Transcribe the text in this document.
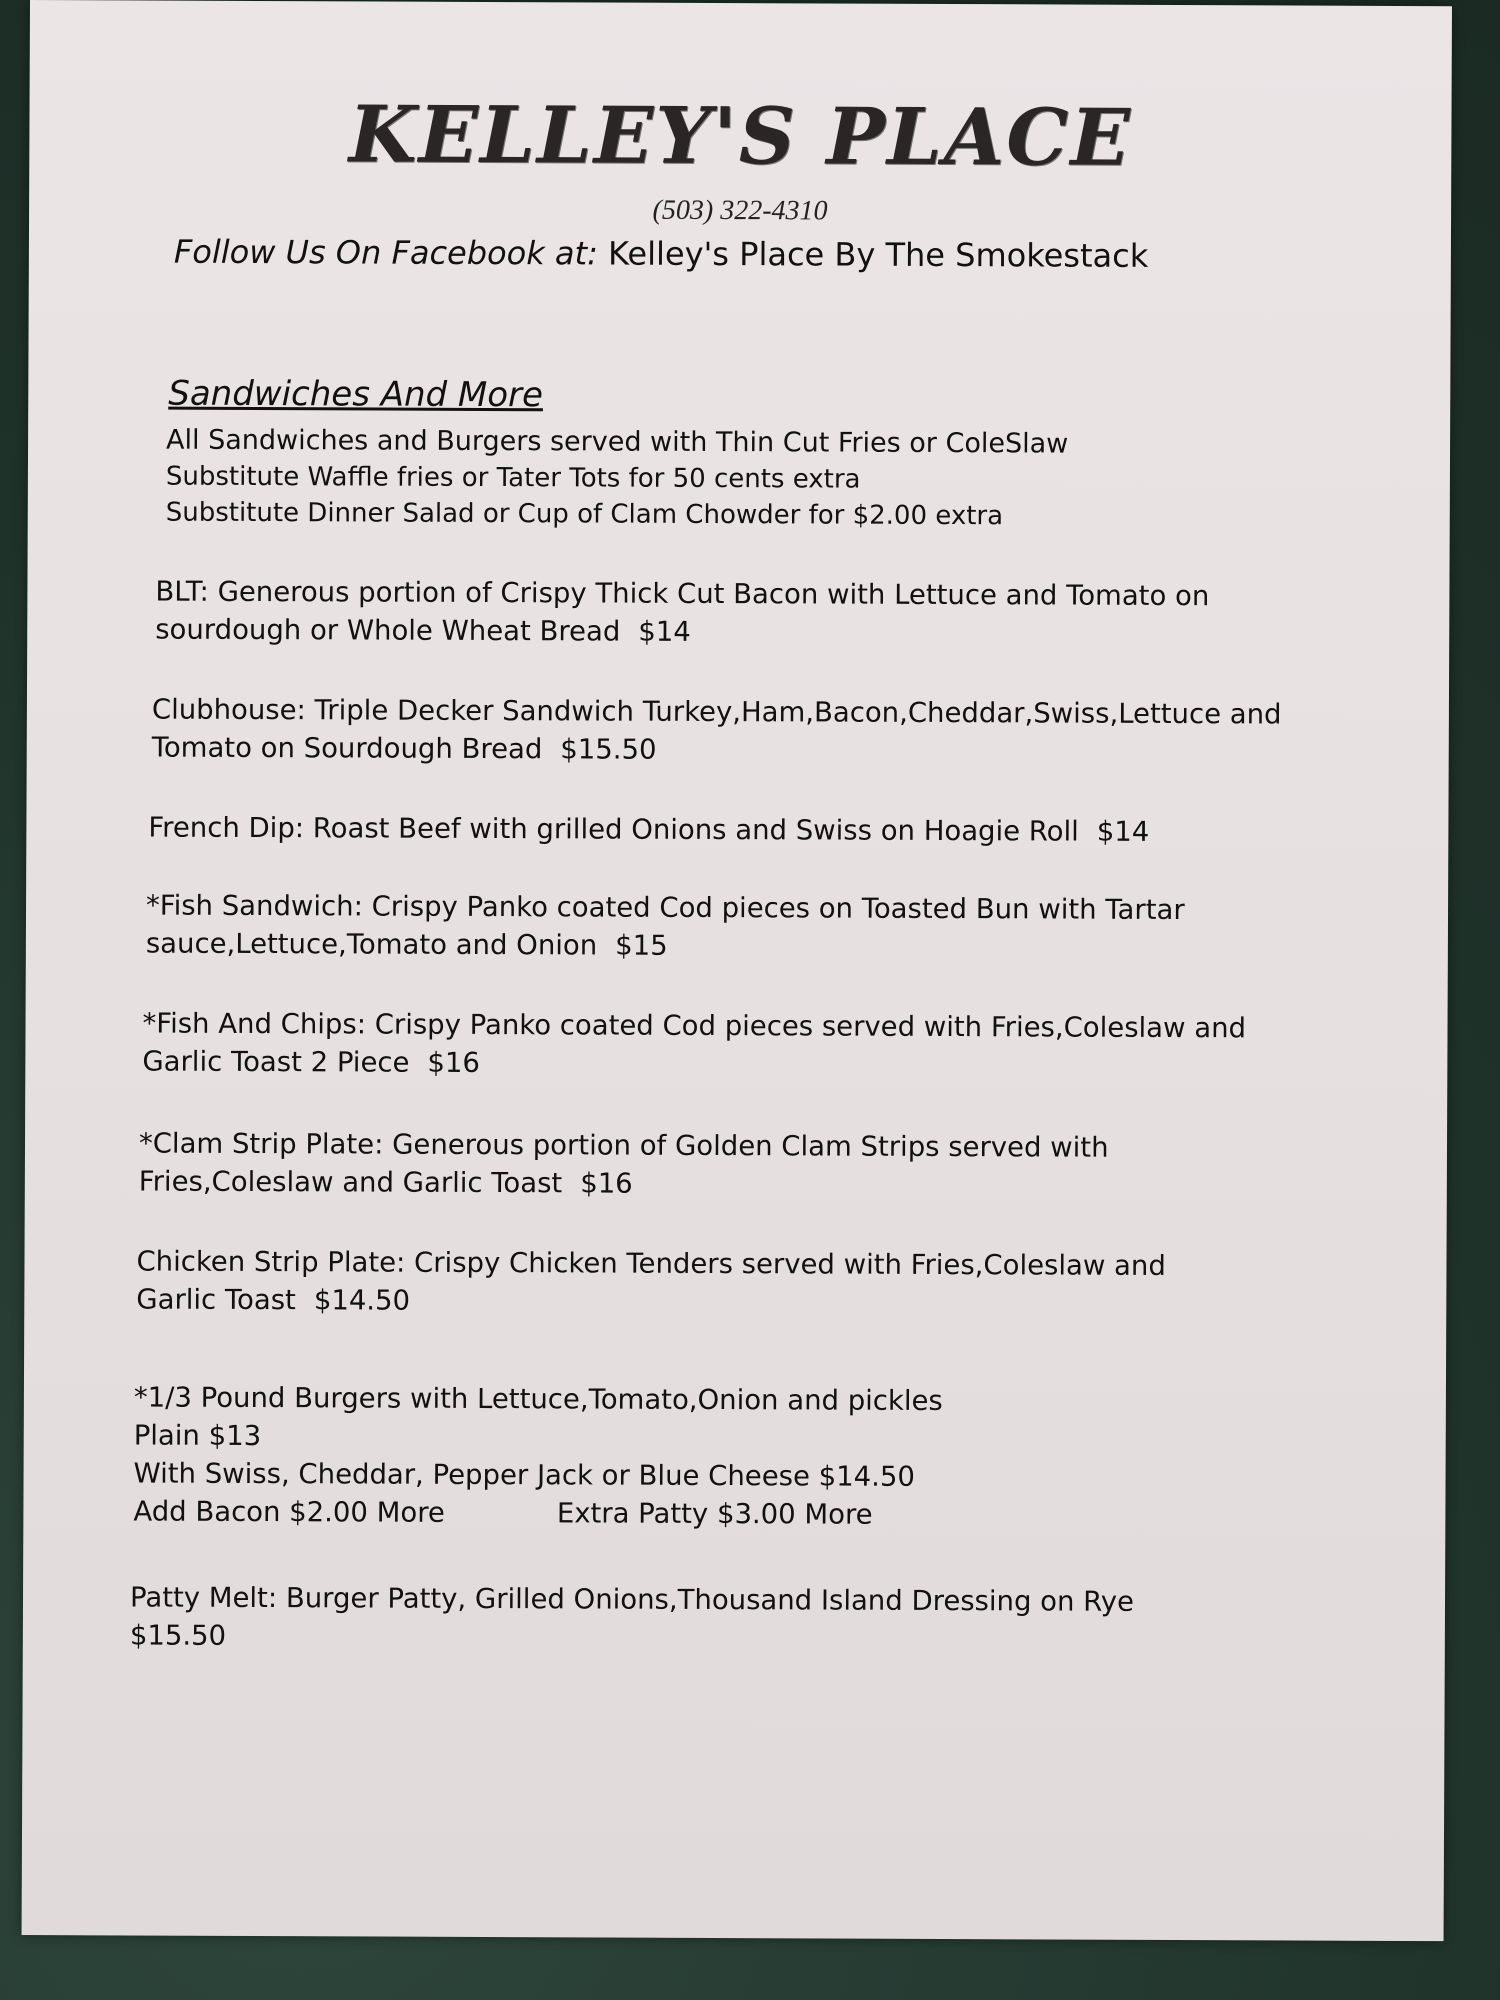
KELLEY'S PLACE
(503) 322-4310
Follow Us On Facebook at: Kelley's Place By The Smokestack
Sandwiches And More
All Sandwiches and Burgers served with Thin Cut Fries or ColeSlaw
Substitute Waffle fries or Tater Tots for 50 cents extra
Substitute Dinner Salad or Cup of Clam Chowder for $2.00 extra
BLT: Generous portion of Crispy Thick Cut Bacon with Lettuce and Tomato on sourdough or Whole Wheat Bread $14
Clubhouse: Triple Decker Sandwich Turkey,Ham,Bacon,Cheddar,Swiss,Lettuce and Tomato on Sourdough Bread $15.50
French Dip: Roast Beef with grilled Onions and Swiss on Hoagie Roll $14
*Fish Sandwich: Crispy Panko coated Cod pieces on Toasted Bun with Tartar sauce,Lettuce,Tomato and Onion $15
*Fish And Chips: Crispy Panko coated Cod pieces served with Fries,Coleslaw and Garlic Toast 2 Piece $16
*Clam Strip Plate: Generous portion of Golden Clam Strips served with Fries,Coleslaw and Garlic Toast $16
Chicken Strip Plate: Crispy Chicken Tenders served with Fries,Coleslaw and Garlic Toast $14.50
*1/3 Pound Burgers with Lettuce,Tomato,Onion and pickles
Plain $13
With Swiss, Cheddar, Pepper Jack or Blue Cheese $14.50
Add Bacon $2.00 More	Extra Patty $3.00 More
Patty Melt: Burger Patty, Grilled Onions,Thousand Island Dressing on Rye
$15.50
